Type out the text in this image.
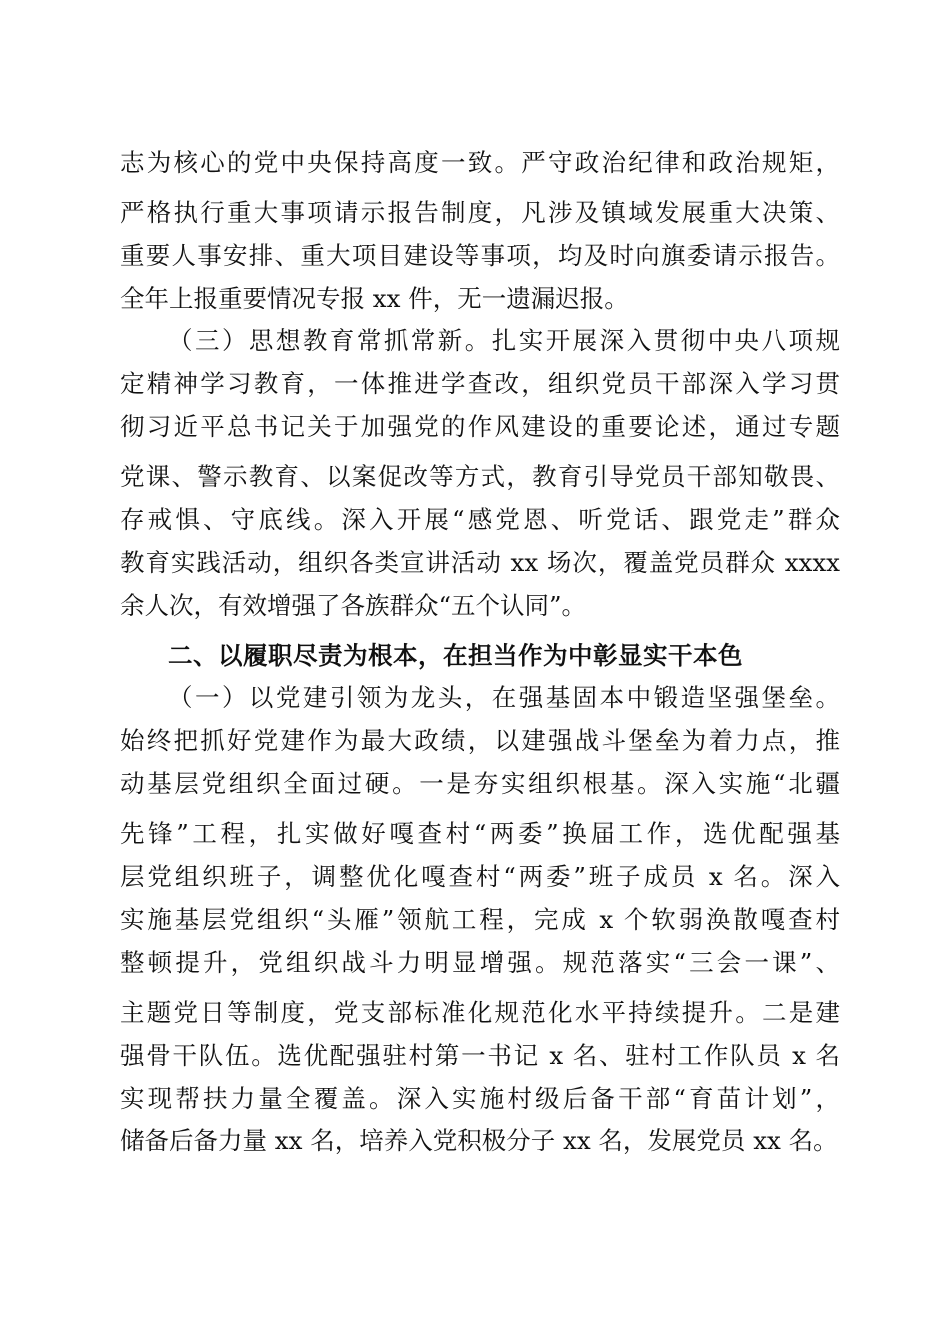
志为核心的党中央保持高度一致。严守政治纪律和政治规矩，
严格执行重大事项请示报告制度，凡涉及镇域发展重大决策、
重要人事安排、重大项目建设等事项，均及时向旗委请示报告。
全年上报重要情况专报 xx 件，无一遗漏迟报。
（三）思想教育常抓常新。扎实开展深入贯彻中央八项规
定精神学习教育，一体推进学查改，组织党员干部深入学习贯
彻习近平总书记关于加强党的作风建设的重要论述，通过专题
党课、警示教育、以案促改等方式，教育引导党员干部知敬畏、
存戒惧、守底线。深入开展“感党恩、听党话、跟党走”群众
教育实践活动，组织各类宣讲活动 xx 场次，覆盖党员群众 xxxx
余人次，有效增强了各族群众“五个认同”。
二、以履职尽责为根本，在担当作为中彰显实干本色
（一）以党建引领为龙头，在强基固本中锻造坚强堡垒。
始终把抓好党建作为最大政绩，以建强战斗堡垒为着力点，推
动基层党组织全面过硬。一是夯实组织根基。深入实施“北疆
先锋”工程，扎实做好嘎查村“两委”换届工作，选优配强基
层党组织班子，调整优化嘎查村“两委”班子成员 x 名。深入
实施基层党组织“头雁”领航工程，完成 x 个软弱涣散嘎查村
整顿提升，党组织战斗力明显增强。规范落实“三会一课”、
主题党日等制度，党支部标准化规范化水平持续提升。二是建
强骨干队伍。选优配强驻村第一书记 x 名、驻村工作队员 x 名
实现帮扶力量全覆盖。深入实施村级后备干部“育苗计划”，
储备后备力量 xx 名，培养入党积极分子 xx 名，发展党员 xx 名。
